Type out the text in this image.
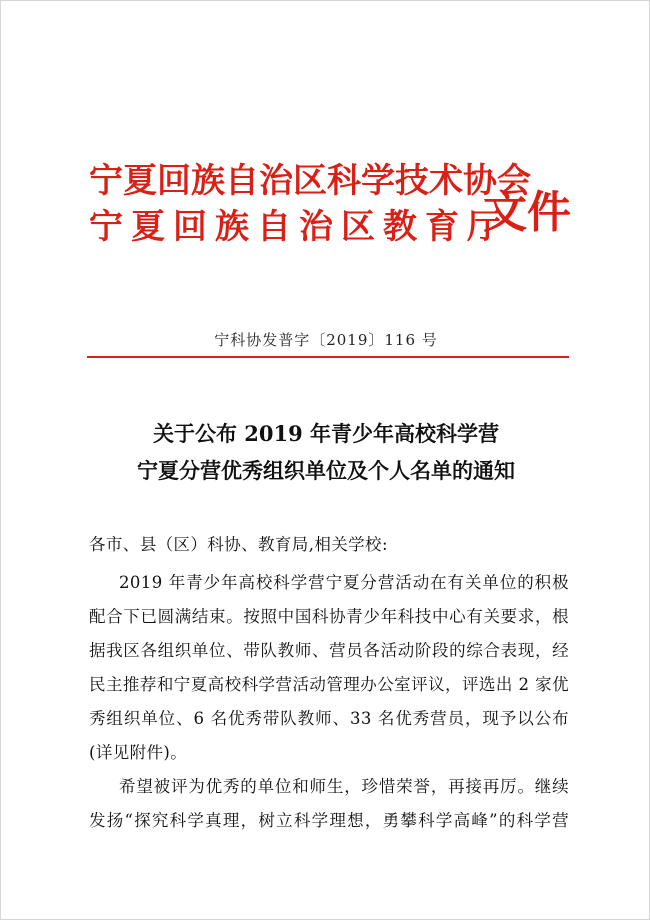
宁夏回族自治区科学技术协会
宁夏回族自治区教育厅
文件
宁科协发普字〔2019〕116 号
关于公布 2019 年青少年高校科学营
宁夏分营优秀组织单位及个人名单的通知
各市、县（区）科协、教育局,相关学校:
2019 年青少年高校科学营宁夏分营活动在有关单位的积极
配合下已圆满结束。按照中国科协青少年科技中心有关要求，根
据我区各组织单位、带队教师、营员各活动阶段的综合表现，经
民主推荐和宁夏高校科学营活动管理办公室评议，评选出 2 家优
秀组织单位、6 名优秀带队教师、33 名优秀营员，现予以公布
(详见附件)。
希望被评为优秀的单位和师生，珍惜荣誉，再接再厉。继续
发扬“探究科学真理，树立科学理想，勇攀科学高峰”的科学营
